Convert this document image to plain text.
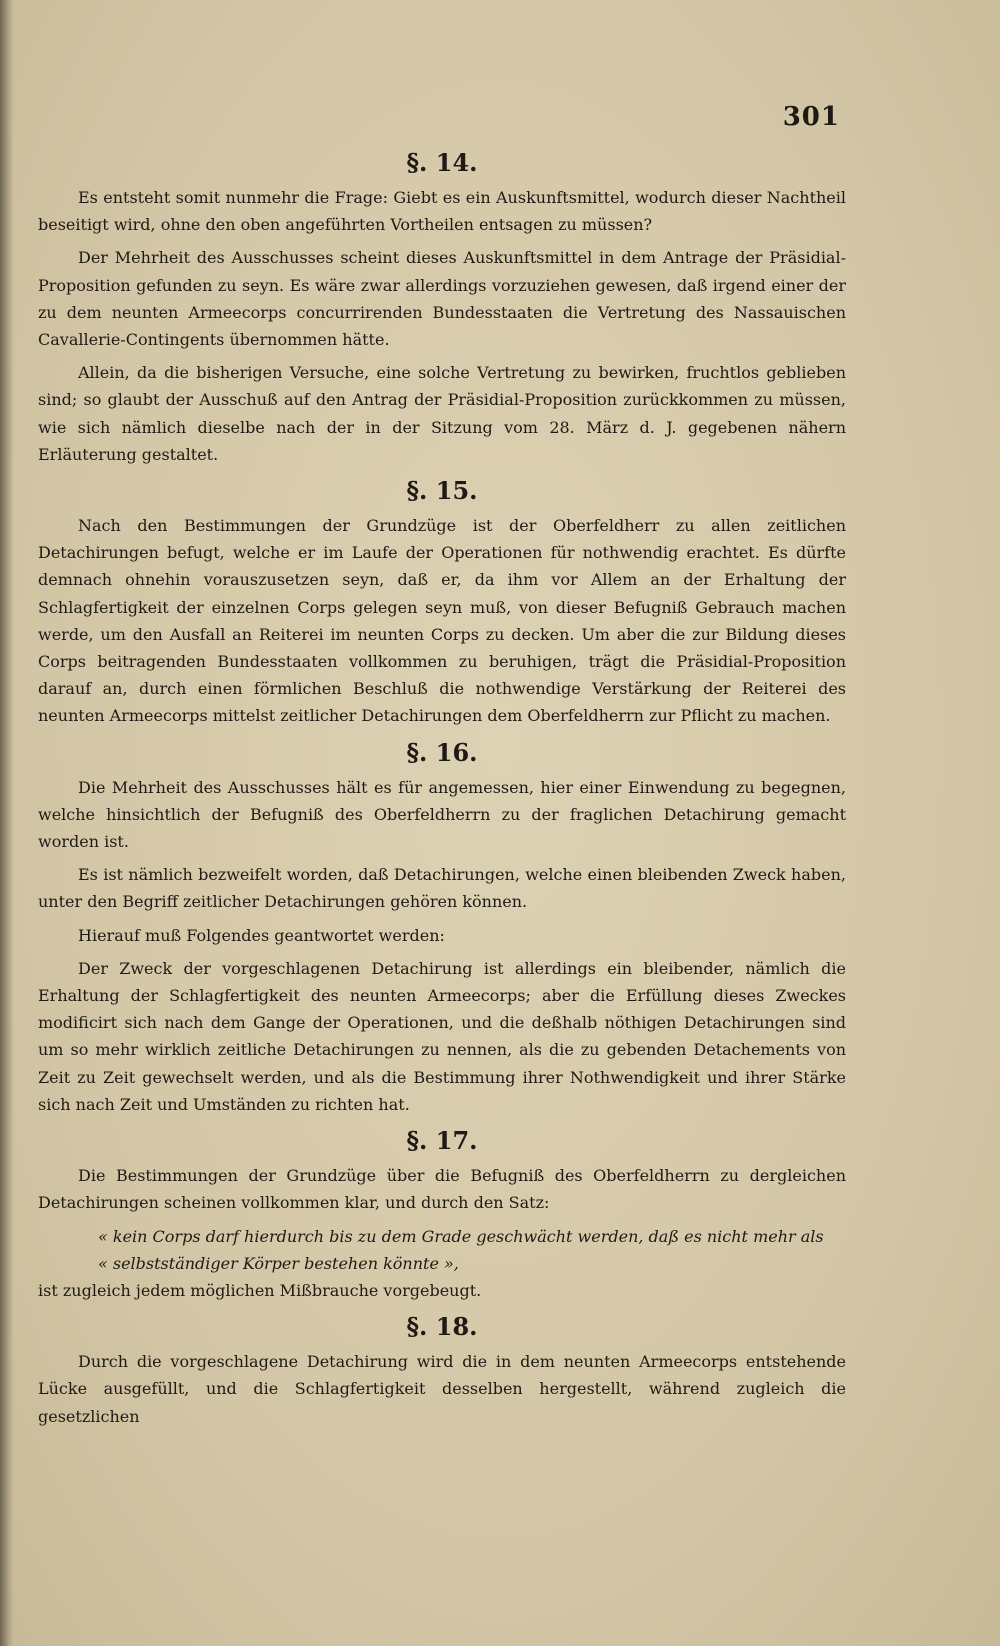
301
§. 14.

Es entsteht somit nunmehr die Frage: Giebt es ein Auskunftsmittel, wodurch dieser Nachtheil beseitigt wird, ohne den oben angeführten Vortheilen entsagen zu müssen?

Der Mehrheit des Ausschusses scheint dieses Auskunftsmittel in dem Antrage der Präsidial-Proposition gefunden zu seyn. Es wäre zwar allerdings vorzuziehen gewesen, daß irgend einer der zu dem neunten Armeecorps concurrirenden Bundesstaaten die Vertretung des Nassauischen Cavallerie-Contingents übernommen hätte.

Allein, da die bisherigen Versuche, eine solche Vertretung zu bewirken, fruchtlos geblieben sind; so glaubt der Ausschuß auf den Antrag der Präsidial-Proposition zurückkommen zu müssen, wie sich nämlich dieselbe nach der in der Sitzung vom 28. März d. J. gegebenen nähern Erläuterung gestaltet.

§. 15.

Nach den Bestimmungen der Grundzüge ist der Oberfeldherr zu allen zeitlichen Detachirungen befugt, welche er im Laufe der Operationen für nothwendig erachtet. Es dürfte demnach ohnehin vorauszusetzen seyn, daß er, da ihm vor Allem an der Erhaltung der Schlagfertigkeit der einzelnen Corps gelegen seyn muß, von dieser Befugniß Gebrauch machen werde, um den Ausfall an Reiterei im neunten Corps zu decken. Um aber die zur Bildung dieses Corps beitragenden Bundesstaaten vollkommen zu beruhigen, trägt die Präsidial-Proposition darauf an, durch einen förmlichen Beschluß die nothwendige Verstärkung der Reiterei des neunten Armeecorps mittelst zeitlicher Detachirungen dem Oberfeldherrn zur Pflicht zu machen.

§. 16.

Die Mehrheit des Ausschusses hält es für angemessen, hier einer Einwendung zu begegnen, welche hinsichtlich der Befugniß des Oberfeldherrn zu der fraglichen Detachirung gemacht worden ist.

Es ist nämlich bezweifelt worden, daß Detachirungen, welche einen bleibenden Zweck haben, unter den Begriff zeitlicher Detachirungen gehören können.

Hierauf muß Folgendes geantwortet werden:

Der Zweck der vorgeschlagenen Detachirung ist allerdings ein bleibender, nämlich die Erhaltung der Schlagfertigkeit des neunten Armeecorps; aber die Erfüllung dieses Zweckes modificirt sich nach dem Gange der Operationen, und die deßhalb nöthigen Detachirungen sind um so mehr wirklich zeitliche Detachirungen zu nennen, als die zu gebenden Detachements von Zeit zu Zeit gewechselt werden, und als die Bestimmung ihrer Nothwendigkeit und ihrer Stärke sich nach Zeit und Umständen zu richten hat.

§. 17.

Die Bestimmungen der Grundzüge über die Befugniß des Oberfeldherrn zu dergleichen Detachirungen scheinen vollkommen klar, und durch den Satz:

« kein Corps darf hierdurch bis zu dem Grade geschwächt werden, daß es nicht mehr als

« selbstständiger Körper bestehen könnte »,

ist zugleich jedem möglichen Mißbrauche vorgebeugt.

§. 18.

Durch die vorgeschlagene Detachirung wird die in dem neunten Armeecorps entstehende Lücke ausgefüllt, und die Schlagfertigkeit desselben hergestellt, während zugleich die gesetzlichen
